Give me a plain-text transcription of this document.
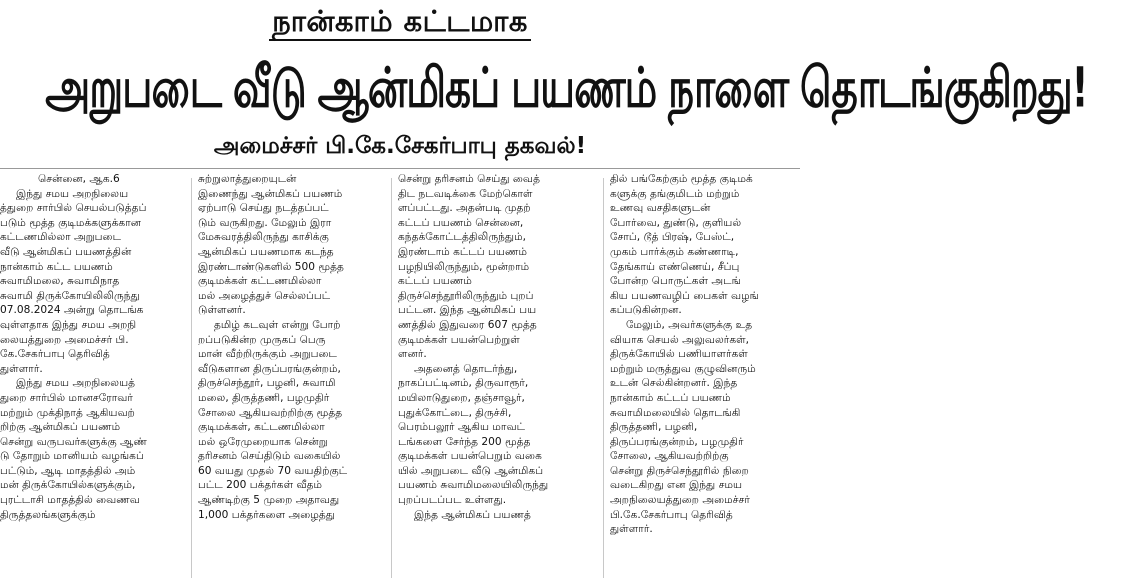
நான்காம் கட்டமாக
அறுபடை வீடு ஆன்மிகப் பயணம் நாளை தொடங்குகிறது!
அமைச்சர் பி.கே.சேகர்பாபு தகவல்!
சென்னை, ஆக.6
இந்து சமய அறநிலைய
த்துறை சார்பில் செயல்படுத்தப்
படும் மூத்த குடிமக்களுக்கான
கட்டணமில்லா அறுபடை
வீடு ஆன்மிகப் பயணத்தின்
நான்காம் கட்ட பயணம்
சுவாமிமலை, சுவாமிநாத
சுவாமி திருக்கோயிலிலிருந்து
07.08.2024 அன்று தொடங்க
வுள்ளதாக இந்து சமய அறநி
லையத்துறை அமைச்சர் பி.
கே.சேகர்பாபு தெரிவித்
துள்ளார்.
இந்து சமய அறநிலையத்
துறை சார்பில் மானசரோவர்
மற்றும் முக்திநாத் ஆகியவற்
றிற்கு ஆன்மிகப் பயணம்
சென்று வருபவர்களுக்கு ஆண்
டு தோறும் மானியம் வழங்கப்
பட்டும், ஆடி மாதத்தில் அம்
மன் திருக்கோயில்களுக்கும்,
புரட்டாசி மாதத்தில் வைணவ
திருத்தலங்களுக்கும்
சுற்றுலாத்துறையுடன்
இணைந்து ஆன்மிகப் பயணம்
ஏற்பாடு செய்து நடத்தப்பட்
டும் வருகிறது. மேலும் இரா
மேசுவரத்திலிருந்து காசிக்கு
ஆன்மிகப் பயணமாக கடந்த
இரண்டாண்டுகளில் 500 மூத்த
குடிமக்கள் கட்டணமில்லா
மல் அழைத்துச் செல்லப்பட்
டுள்ளனர்.
தமிழ் கடவுள் என்று போற்
றப்படுகின்ற முருகப் பெரு
மான் வீற்றிருக்கும் அறுபடை
வீடுகளான திருப்பரங்குன்றம்,
திருச்செந்தூர், பழனி, சுவாமி
மலை, திருத்தணி, பழமுதிர்
சோலை ஆகியவற்றிற்கு மூத்த
குடிமக்கள், கட்டணமில்லா
மல் ஒரேமுறையாக சென்று
தரிசனம் செய்திடும் வகையில்
60 வயது முதல் 70 வயதிற்குட்
பட்ட 200 பக்தர்கள் வீதம்
ஆண்டிற்கு 5 முறை அதாவது
1,000 பக்தர்களை அழைத்து
சென்று தரிசனம் செய்து வைத்
திட நடவடிக்கை மேற்கொள்
ளப்பட்டது. அதன்படி முதற்
கட்டப் பயணம் சென்னை,
கந்தக்கோட்டத்திலிருந்தும்,
இரண்டாம் கட்டப் பயணம்
பழநியிலிருந்தும், மூன்றாம்
கட்டப் பயணம்
திருச்செந்தூரிலிருந்தும் புறப்
பட்டன. இந்த ஆன்மிகப் பய
ணத்தில் இதுவரை 607 மூத்த
குடிமக்கள் பயன்பெற்றுள்
ளனர்.
அதனைத் தொடர்ந்து,
நாகப்பட்டினம், திருவாரூர்,
மயிலாடுதுறை, தஞ்சாவூர்,
புதுக்கோட்டை, திருச்சி,
பெரம்பலூர் ஆகிய மாவட்
டங்களை சேர்ந்த 200 மூத்த
குடிமக்கள் பயன்பெறும் வகை
யில் அறுபடை வீடு ஆன்மிகப்
பயணம் சுவாமிமலையிலிருந்து
புறப்படப்பட உள்ளது.
இந்த ஆன்மிகப் பயணத்
தில் பங்கேற்கும் மூத்த குடிமக்
களுக்கு தங்குமிடம் மற்றும்
உணவு வசதிகளுடன்
போர்வை, துண்டு, குளியல்
சோப், டூத் பிரஷ், பேஸ்ட்,
முகம் பார்க்கும் கண்ணாடி,
தேங்காய் எண்ணெய், சீப்பு
போன்ற பொருட்கள் அடங்
கிய பயணவழிப் பைகள் வழங்
கப்படுகின்றன.
மேலும், அவர்களுக்கு உத
வியாக செயல் அலுவலர்கள்,
திருக்கோயில் பணியாளர்கள்
மற்றும் மருத்துவ குழுவினரும்
உடன் செல்கின்றனர். இந்த
நான்காம் கட்டப் பயணம்
சுவாமிமலையில் தொடங்கி
திருத்தணி, பழனி,
திருப்பரங்குன்றம், பழமுதிர்
சோலை, ஆகியவற்றிற்கு
சென்று திருச்செந்தூரில் நிறை
வடைகிறது என இந்து சமய
அறநிலையத்துறை அமைச்சர்
பி.கே.சேகர்பாபு தெரிவித்
துள்ளார்.
